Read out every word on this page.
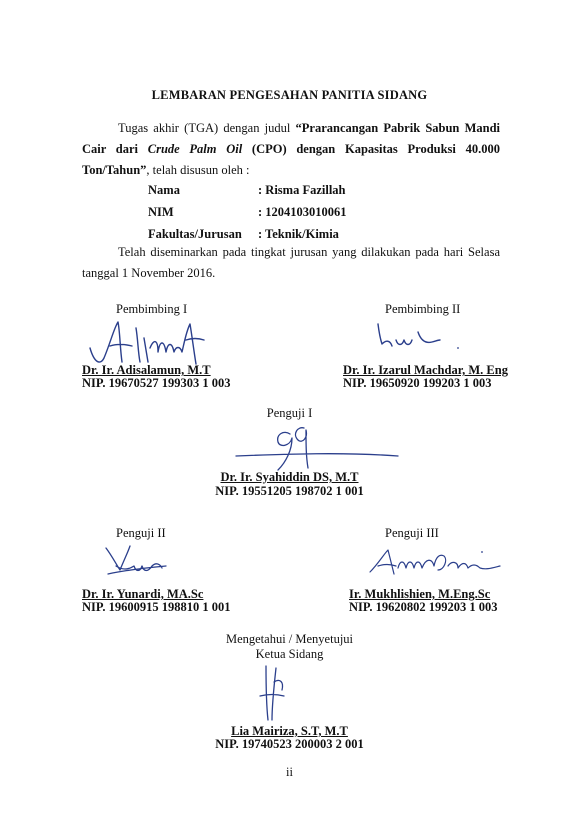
LEMBARAN PENGESAHAN PANITIA SIDANG
Tugas akhir (TGA) dengan judul “Prarancangan Pabrik Sabun Mandi Cair dari Crude Palm Oil (CPO) dengan Kapasitas Produksi 40.000 Ton/Tahun”, telah disusun oleh :
Nama	: Risma Fazillah
NIM	: 1204103010061
Fakultas/Jurusan	: Teknik/Kimia
Telah diseminarkan pada tingkat jurusan yang dilakukan pada hari Selasa tanggal 1 November 2016.
Pembimbing I
Dr. Ir. Adisalamun, M.T
NIP. 19670527 199303 1 003
Pembimbing II
Dr. Ir. Izarul Machdar, M. Eng
NIP. 19650920 199203 1 003
Penguji I
Dr. Ir. Syahiddin DS, M.T
NIP. 19551205 198702 1 001
Penguji II
Dr. Ir. Yunardi, MA.Sc
NIP. 19600915 198810 1 001
Penguji III
Ir. Mukhlishien, M.Eng.Sc
NIP. 19620802 199203 1 003
Mengetahui / Menyetujui
Ketua Sidang
Lia Mairiza, S.T, M.T
NIP. 19740523 200003 2 001
ii
